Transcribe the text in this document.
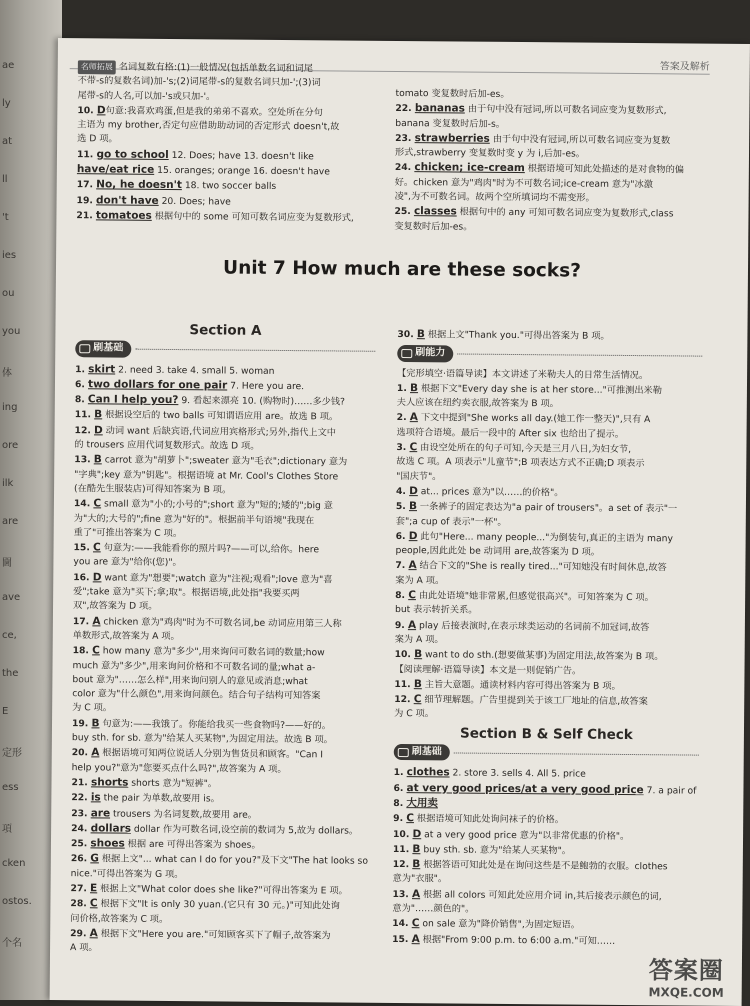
ae
ly
at
ll
't
ies
ou
you
体
ing
ore
ilk
are
閫
ave
ce,
the
E
定形
ess
項
cken
ostos.
个名
答案及解析
名师拓展 名词复数有格:(1)一般情况(包括单数名词和词尾
不带-s的复数名词)加-'s;(2)词尾带-s的复数名词只加-';(3)词
尾带-s的人名,可以加-'s或只加-'。
10. D句意:我喜欢鸡蛋,但是我的弟弟不喜欢。空处所在分句
主语为 my brother,否定句应借助助动词的否定形式 doesn't,故
选 D 项。
11. go to school 12. Does; have 13. doesn't like
have/eat rice 15. oranges; orange 16. doesn't have
17. No, he doesn't 18. two soccer balls
19. don't have 20. Does; have
21. tomatoes 根据句中的 some 可知可数名词应变为复数形式,
tomato 变复数时后加-es。
22. bananas 由于句中没有冠词,所以可数名词应变为复数形式,
banana 变复数时后加-s。
23. strawberries 由于句中没有冠词,所以可数名词应变为复数
形式,strawberry 变复数时变 y 为 i,后加-es。
24. chicken; ice-cream 根据语境可知此处描述的是对食物的偏
好。chicken 意为"鸡肉"时为不可数名词;ice-cream 意为"冰激
凌",为不可数名词。故两个空所填词均不需变形。
25. classes 根据句中的 any 可知可数名词应变为复数形式,class
变复数时后加-es。
Unit 7 How much are these socks?
Section A
刷基础
1. skirt 2. need 3. take 4. small 5. woman
6. two dollars for one pair 7. Here you are.
8. Can I help you? 9. 看起来漂亮 10. (购物时)……多少钱?
11. B 根据设空后的 two balls 可知谓语应用 are。故选 B 项。
12. D 动词 want 后缺宾语,代词应用宾格形式;另外,指代上文中
的 trousers 应用代词复数形式。故选 D 项。
13. B carrot 意为"胡萝卜";sweater 意为"毛衣";dictionary 意为
"字典";key 意为"钥匙"。根据语境 at Mr. Cool's Clothes Store
(在酷先生服装店)可得知答案为 B 项。
14. C small 意为"小的;小号的";short 意为"短的;矮的";big 意
为"大的;大号的";fine 意为"好的"。根据前半句语境"我现在
重了"可推出答案为 C 项。
15. C 句意为:——我能看你的照片吗?——可以,给你。here
you are 意为"给你(您)"。
16. D want 意为"想要";watch 意为"注视;观看";love 意为"喜
爱";take 意为"买下;拿;取"。根据语境,此处指"我要买两
双",故答案为 D 项。
17. A chicken 意为"鸡肉"时为不可数名词,be 动词应用第三人称
单数形式,故答案为 A 项。
18. C how many 意为"多少",用来询问可数名词的数量;how
much 意为"多少",用来询问价格和不可数名词的量;what a-
bout 意为"……怎么样",用来询问别人的意见或消息;what
color 意为"什么颜色",用来询问颜色。结合句子结构可知答案
为 C 项。
19. B 句意为:——我饿了。你能给我买一些食物吗?——好的。
buy sth. for sb. 意为"给某人买某物",为固定用法。故选 B 项。
20. A 根据语境可知两位说话人分别为售货员和顾客。"Can I
help you?"意为"您要买点什么吗?",故答案为 A 项。
21. shorts shorts 意为"短裤"。
22. is the pair 为单数,故要用 is。
23. are trousers 为名词复数,故要用 are。
24. dollars dollar 作为可数名词,设空前的数词为 5,故为 dollars。
25. shoes 根据 are 可得出答案为 shoes。
26. G 根据上文"... what can I do for you?"及下文"The hat looks so
nice."可得出答案为 G 项。
27. E 根据上文"What color does she like?"可得出答案为 E 项。
28. C 根据下文"It is only 30 yuan.(它只有 30 元。)"可知此处询
问价格,故答案为 C 项。
29. A 根据下文"Here you are."可知顾客买下了帽子,故答案为
A 项。
30. B 根据上文"Thank you."可得出答案为 B 项。
刷能力
【完形填空·语篇导读】本文讲述了米勒夫人的日常生活情况。
1. B 根据下文"Every day she is at her store..."可推测出米勒
夫人应该在纽约卖衣服,故答案为 B 项。
2. A 下文中提到"She works all day.(她工作一整天)",只有 A
选项符合语境。最后一段中的 After six 也给出了提示。
3. C 由设空处所在的句子可知,今天是三月八日,为妇女节,
故选 C 项。A 项表示"儿童节";B 项表达方式不正确;D 项表示
"国庆节"。
4. D at... prices 意为"以……的价格"。
5. B 一条裤子的固定表达为"a pair of trousers"。a set of 表示"一
套";a cup of 表示"一杯"。
6. D 此句"Here... many people..."为倒装句,真正的主语为 many
people,因此此处 be 动词用 are,故答案为 D 项。
7. A 结合下文的"She is really tired..."可知她没有时间休息,故答
案为 A 项。
8. C 由此处语境"她非常累,但感觉很高兴"。可知答案为 C 项。
but 表示转折关系。
9. A play 后接表演时,在表示球类运动的名词前不加冠词,故答
案为 A 项。
10. B want to do sth.(想要做某事)为固定用法,故答案为 B 项。
【阅读理解·语篇导读】本文是一则促销广告。
11. B 主旨大意题。通读材料内容可得出答案为 B 项。
12. C 细节理解题。广告里提到关于该工厂地址的信息,故答案
为 C 项。
Section B & Self Check
刷基础
1. clothes 2. store 3. sells 4. All 5. price
6. at very good prices/at a very good price 7. a pair of
8. 大用卖
9. C 根据语境可知此处询问袜子的价格。
10. D at a very good price 意为"以非常优惠的价格"。
11. B buy sth. sb. 意为"给某人买某物"。
12. B 根据答语可知此处是在询问这些是不是鲍勃的衣服。clothes
意为"衣服"。
13. A 根据 all colors 可知此处应用介词 in,其后接表示颜色的词,
意为"……颜色的"。
14. C on sale 意为"降价销售",为固定短语。
15. A 根据"From 9:00 p.m. to 6:00 a.m."可知……
答案圈
MXQE.COM
